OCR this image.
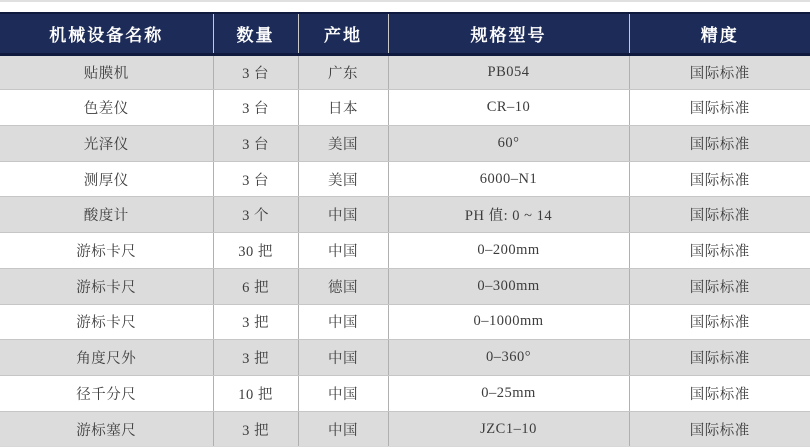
机械设备名称	数量	产地	规格型号	精度
贴膜机	3 台	广东	PB054	国际标准
色差仪	3 台	日本	CR–10	国际标准
光泽仪	3 台	美国	60°	国际标准
测厚仪	3 台	美国	6000–N1	国际标准
酸度计	3 个	中国	PH 值: 0 ~ 14	国际标准
游标卡尺	30 把	中国	0–200mm	国际标准
游标卡尺	6 把	德国	0–300mm	国际标准
游标卡尺	3 把	中国	0–1000mm	国际标准
角度尺外	3 把	中国	0–360°	国际标准
径千分尺	10 把	中国	0–25mm	国际标准
游标塞尺	3 把	中国	JZC1–10	国际标准
